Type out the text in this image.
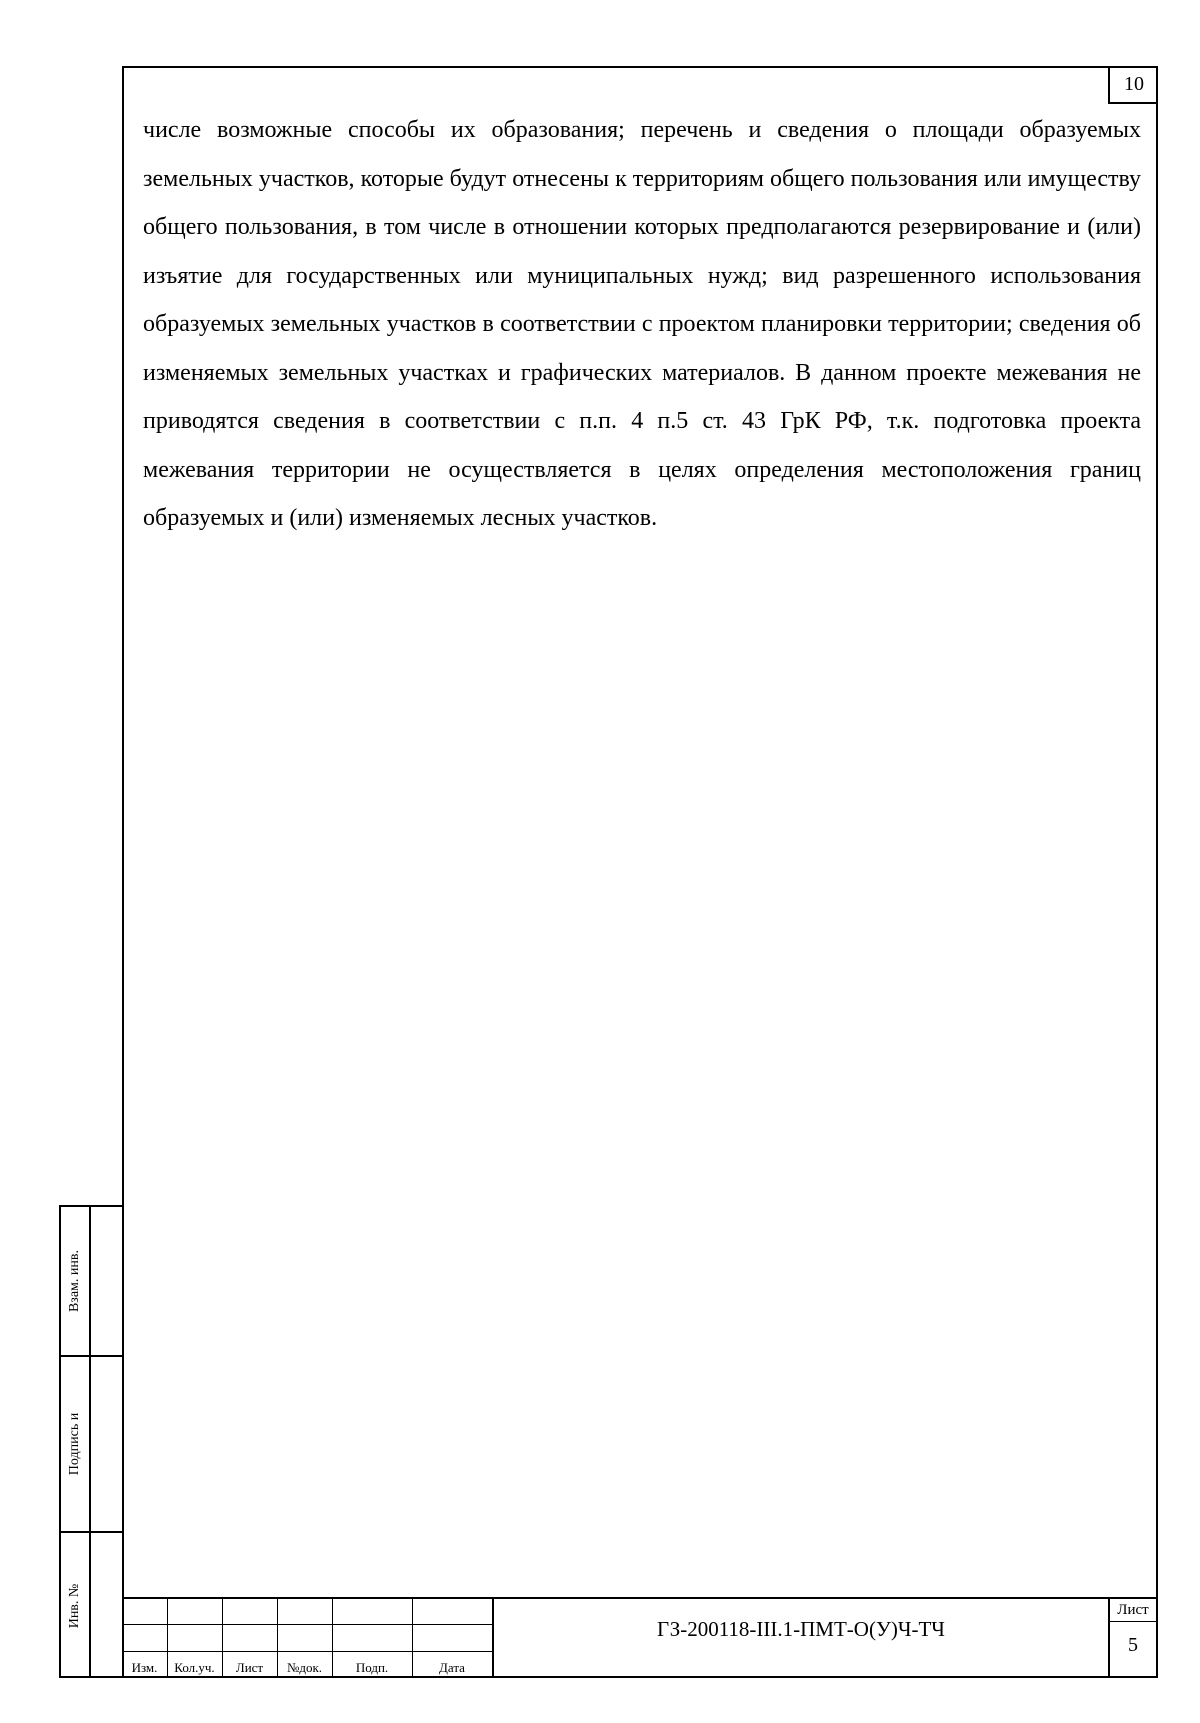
10

числе возможные способы их образования; перечень и сведения о площади образуемых земельных участков, которые будут отнесены к территориям общего пользования или имуществу общего пользования, в том числе в отношении которых предполагаются резервирование и (или) изъятие для государственных или муниципальных нужд; вид разрешенного использования образуемых земельных участков в соответствии с проектом планировки территории; сведения об изменяемых земельных участках и графических материалов. В данном проекте межевания не приводятся сведения в соответствии с п.п. 4 п.5 ст. 43 ГрК РФ, т.к. подготовка проекта межевания территории не осуществляется в целях определения местоположения границ образуемых и (или) изменяемых лесных участков.

Взам. инв.
Подпись и
Инв. №
Изм.	Кол.уч.	Лист	№док.	Подп.	Дата
ГЗ-200118-III.1-ПМТ-О(У)Ч-ТЧ
Лист
5
